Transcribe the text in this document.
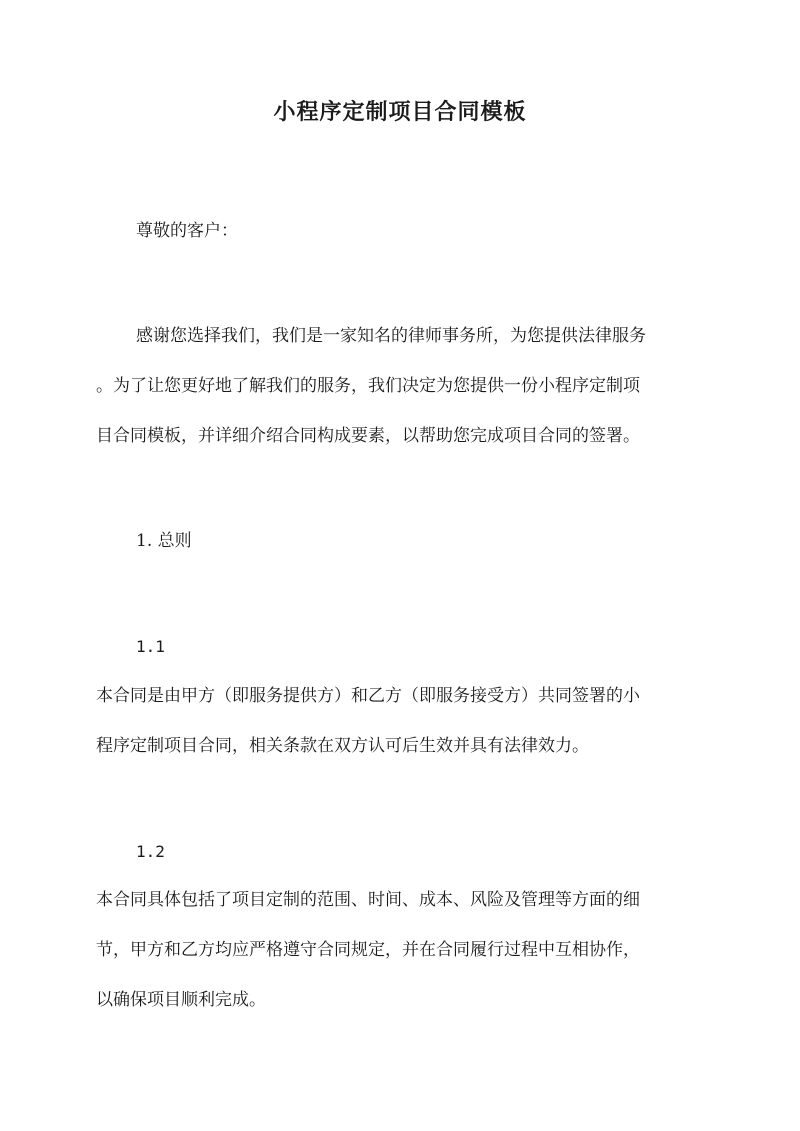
小程序定制项目合同模板

尊敬的客户：

感谢您选择我们，我们是一家知名的律师事务所，为您提供法律服务

。为了让您更好地了解我们的服务，我们决定为您提供一份小程序定制项

目合同模板，并详细介绍合同构成要素，以帮助您完成项目合同的签署。

1. 总则

1.1

本合同是由甲方（即服务提供方）和乙方（即服务接受方）共同签署的小

程序定制项目合同，相关条款在双方认可后生效并具有法律效力。

1.2

本合同具体包括了项目定制的范围、时间、成本、风险及管理等方面的细

节，甲方和乙方均应严格遵守合同规定，并在合同履行过程中互相协作，

以确保项目顺利完成。
